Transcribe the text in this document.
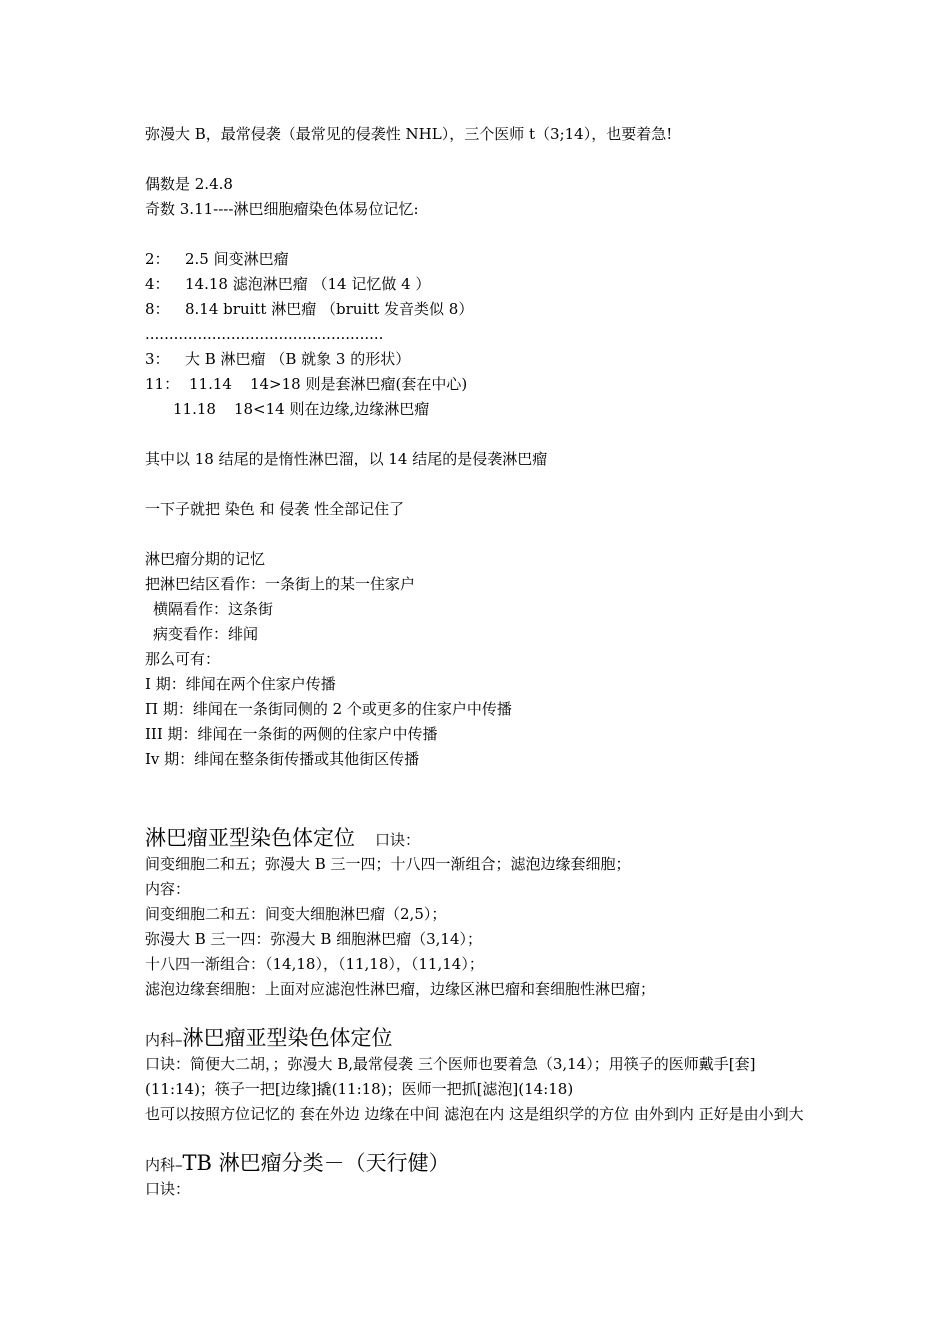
弥漫大 B，最常侵袭（最常见的侵袭性 NHL），三个医师 t（3;14），也要着急!
偶数是 2.4.8
奇数 3.11----淋巴细胞瘤染色体易位记忆:
2： 2.5 间变淋巴瘤
4： 14.18 滤泡淋巴瘤 （14 记忆做 4 ）
8： 8.14 bruitt 淋巴瘤 （bruitt 发音类似 8）
..................................................
3： 大 B 淋巴瘤 （B 就象 3 的形状）
11： 11.14 14>18 则是套淋巴瘤(套在中心)
11.18 18<14 则在边缘,边缘淋巴瘤
其中以 18 结尾的是惰性淋巴溜，以 14 结尾的是侵袭淋巴瘤
一下子就把 染色 和 侵袭 性全部记住了
淋巴瘤分期的记忆
把淋巴结区看作：一条街上的某一住家户
横隔看作：这条街
病变看作：绯闻
那么可有：
I 期：绯闻在两个住家户传播
Π 期：绯闻在一条街同侧的 2 个或更多的住家户中传播
III 期：绯闻在一条街的两侧的住家户中传播
Iv 期：绯闻在整条街传播或其他街区传播
淋巴瘤亚型染色体定位 口诀：
间变细胞二和五；弥漫大 B 三一四；十八四一渐组合；滤泡边缘套细胞；
内容：
间变细胞二和五：间变大细胞淋巴瘤（2,5）；
弥漫大 B 三一四：弥漫大 B 细胞淋巴瘤（3,14）；
十八四一渐组合：（14,18），（11,18），（11,14）；
滤泡边缘套细胞：上面对应滤泡性淋巴瘤，边缘区淋巴瘤和套细胞性淋巴瘤；
内科–淋巴瘤亚型染色体定位
口诀：简便大二胡，；弥漫大 B,最常侵袭 三个医师也要着急（3,14）；用筷子的医师戴手[套](11:14)；筷子一把[边缘]撬(11:18)；医师一把抓[滤泡](14:18)
也可以按照方位记忆的 套在外边 边缘在中间 滤泡在内 这是组织学的方位 由外到内 正好是由小到大
内科–TB 淋巴瘤分类－（天行健）
口诀：
